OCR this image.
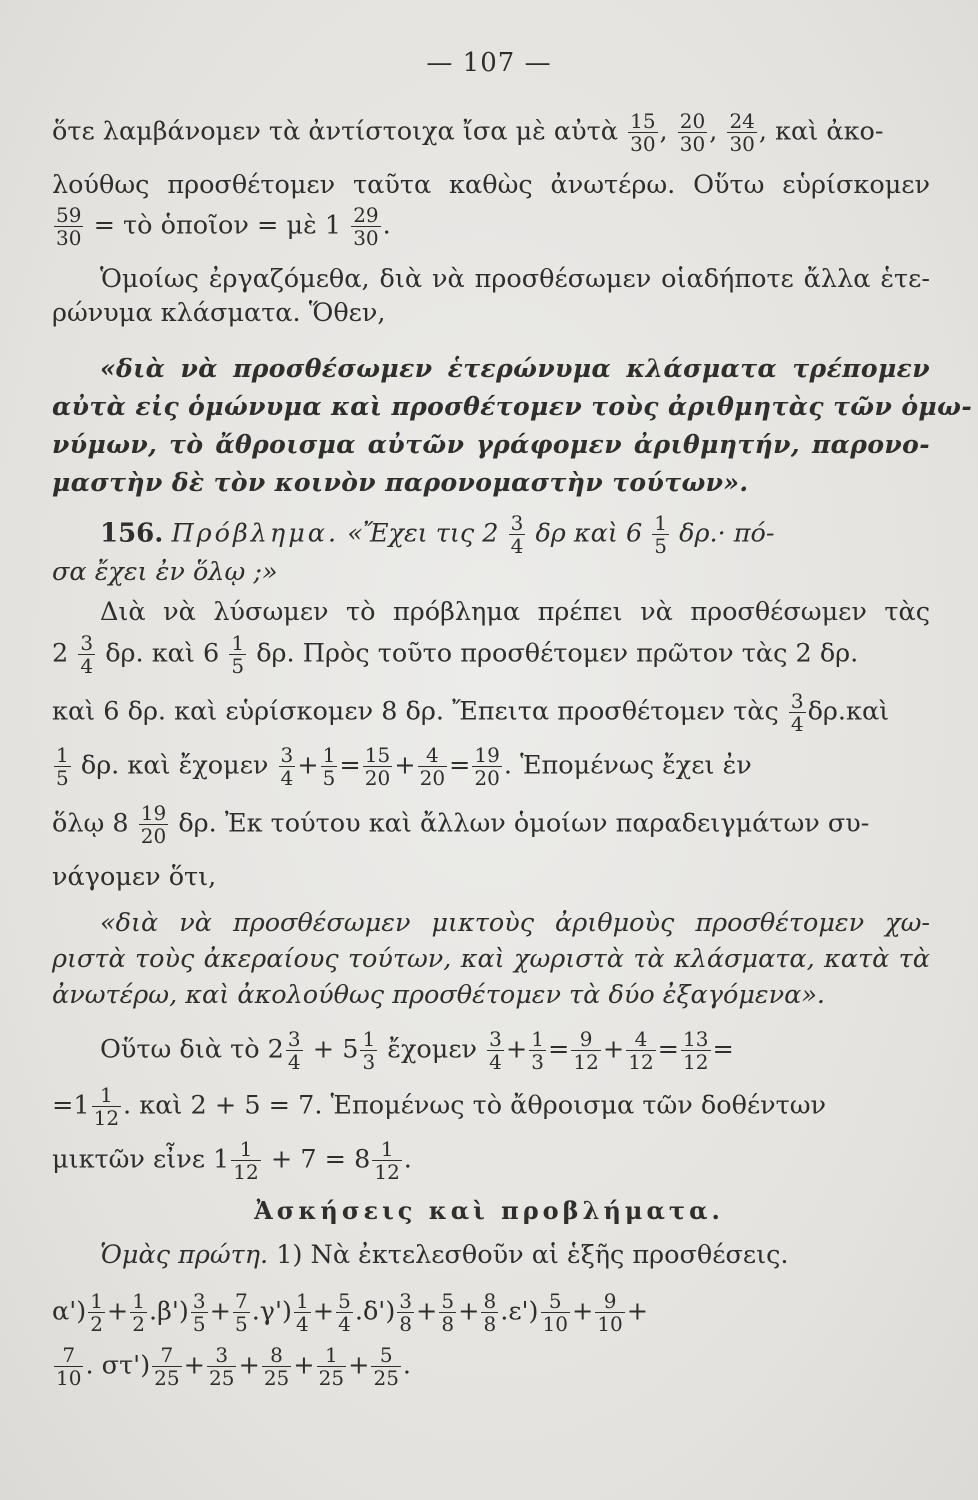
— 107 —
ὅτε λαμβάνομεν τὰ ἀντίστοιχα ἴσα μὲ αὐτὰ $\frac{15}{30}$ , $\frac{20}{30}$ , $\frac{24}{30}$ , καὶ ἀκο-
λούθως προσθέτομεν ταῦτα καθὼς ἀνωτέρω. Οὕτω εὑρίσκομεν
$\frac{59}{30}$ = τὸ ὁποῖον = μὲ $1 \frac{29}{30}$ .
Ὁμοίως ἐργαζόμεθα, διὰ νὰ προσθέσωμεν οἱαδήποτε ἄλλα ἑτε-
ρώνυμα κλάσματα. Ὅθεν,
«διὰ νὰ προσθέσωμεν ἑτερώνυμα κλάσματα τρέπομεν
αὐτὰ εἰς ὁμώνυμα καὶ προσθέτομεν τοὺς ἀριθμητὰς τῶν ὁμω-
νύμων, τὸ ἄθροισμα αὐτῶν γράφομεν ἀριθμητήν, παρονο-
μαστὴν δὲ τὸν κοινὸν παρονομαστὴν τούτων».
156. Πρόβλημα. «Ἔχει τις $2 \frac{3}{4}$ δρ καὶ $6 \frac{1}{5} \delta\rho.\cdot \pi ό-$
σα ἔχει ἐν ὅλῳ ;»
Διὰ νὰ λύσωμεν τὸ πρόβλημα πρέπει νὰ προσθέσωμεν τὰς
$2 \frac{3}{4} \delta\rho$. καὶ $6 \frac{1}{5} \delta\rho$. Πρὸς τοῦτο προσθέτομεν πρῶτον τὰς 2 δρ.
καὶ 6 δρ. καὶ εὑρίσκομεν 8 δρ. Ἔπειτα προσθέτομεν τὰς $\frac{3}{4}$ δρ.καὶ
$\frac{1}{5} \delta\rho$. καὶ ἔχομεν $\frac{3}{4} + \frac{1}{5} = \frac{15}{20} + \frac{4}{20} = \frac{19}{20}$ . Ἑπομένως ἔχει ἐν
ὅλῳ $8 \frac{19}{20} \delta\rho$. Ἐκ τούτου καὶ ἄλλων ὁμοίων παραδειγμάτων συ-
νάγομεν ὅτι,
«διὰ νὰ προσθέσωμεν μικτοὺς ἀριθμοὺς προσθέτομεν χω-
ριστὰ τοὺς ἀκεραίους τούτων, καὶ χωριστὰ τὰ κλάσματα, κατὰ τὰ
ἀνωτέρω, καὶ ἀκολούθως προσθέτομεν τὰ δύο ἐξαγόμενα».
Οὕτω διὰ τὸ $2 \frac{3}{4} + 5 \frac{1}{3}$ ἔχομεν $\frac{3}{4} + \frac{1}{3} = \frac{9}{12} + \frac{4}{12} = \frac{13}{12}$ =
$=1 \frac{1}{12}$ . καὶ 2 + 5 = 7. Ἑπομένως τὸ ἄθροισμα τῶν δοθέντων
μικτῶν εἶνε $1 \frac{1}{12} + 7 = 8 \frac{1}{12}$ .
Ἀσκήσεις καὶ προβλήματα.
Ὁμὰς πρώτη. 1) Νὰ ἐκτελεσθοῦν αἱ ἑξῆς προσθέσεις.
$\alpha') \frac{1}{2} + \frac{1}{2} .\beta') \frac{3}{5} + \frac{7}{5} .\gamma') \frac{1}{4} + \frac{5}{4} .\delta') \frac{3}{8} + \frac{5}{8} + \frac{8}{8} .\varepsilon') \frac{5}{10} + \frac{9}{10}$ +
$\frac{7}{10}$ . $\sigma\tau') \frac{7}{25} + \frac{3}{25} + \frac{8}{25} + \frac{1}{25} + \frac{5}{25}$ .
